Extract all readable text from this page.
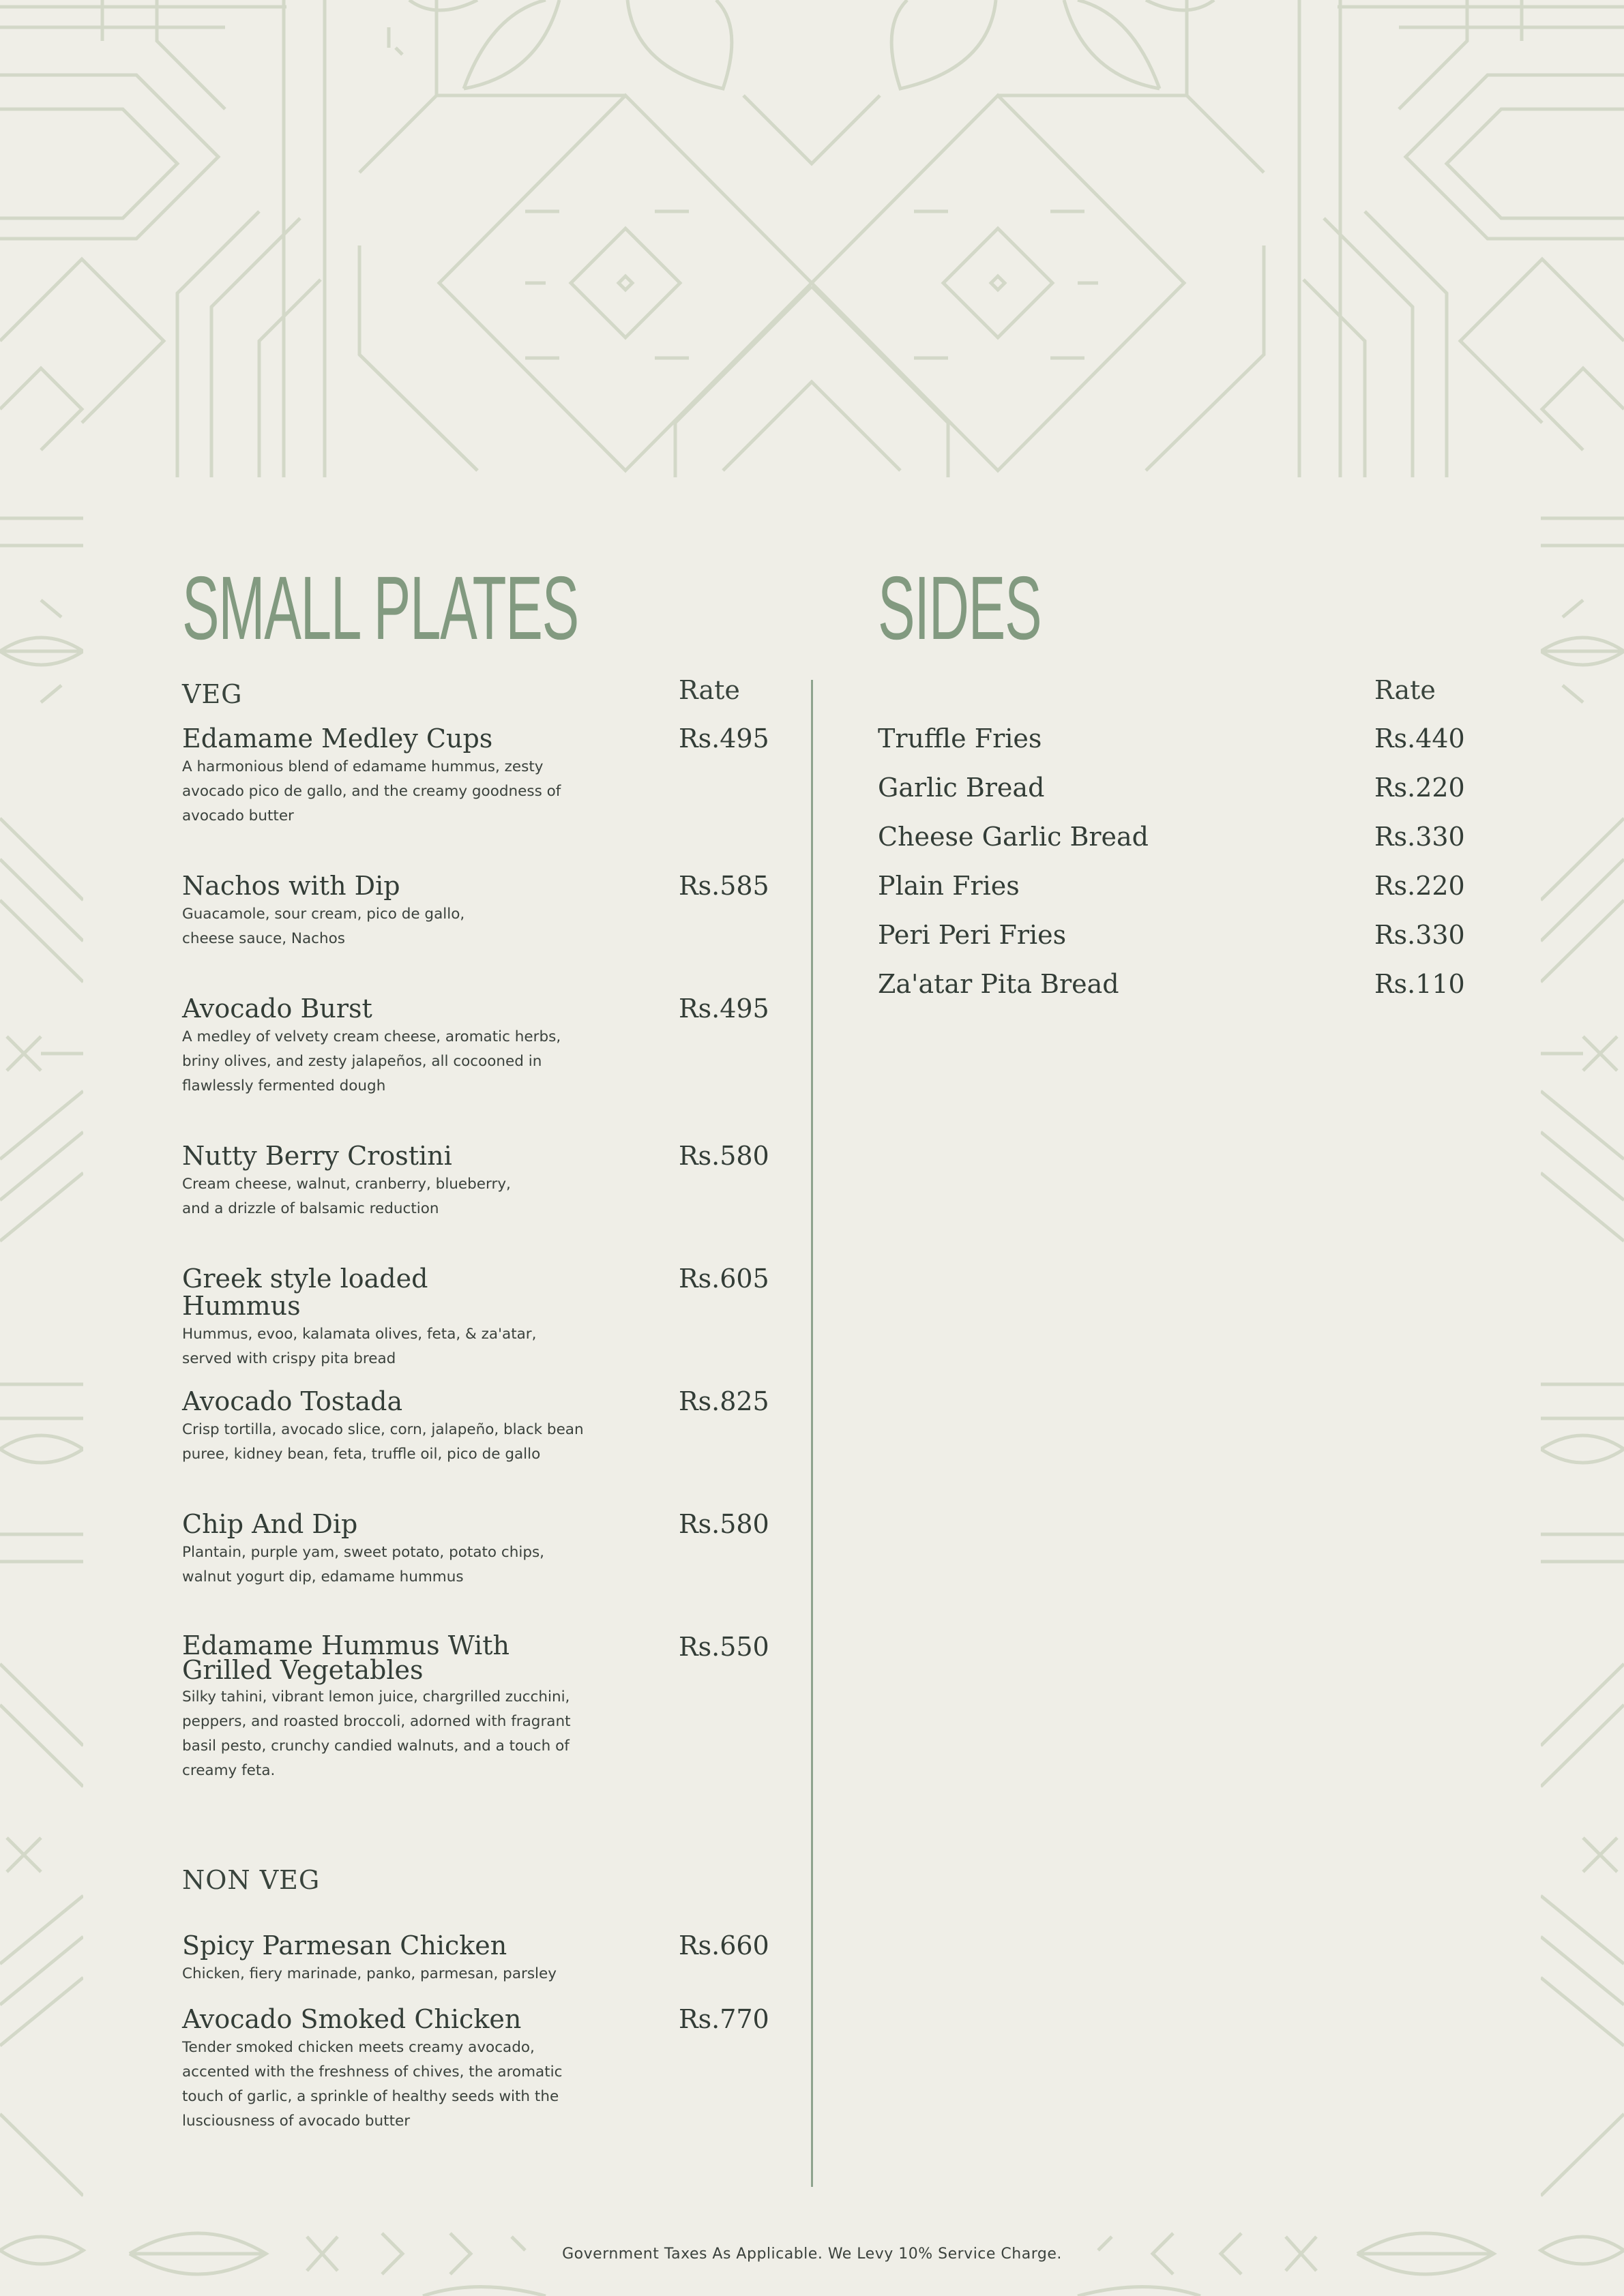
SMALL PLATES	SIDES
VEG	Rate	Rate
Edamame Medley Cups
A harmonious blend of edamame hummus, zesty
avocado pico de gallo, and the creamy goodness of
avocado butter
Rs.495
Nachos with Dip
Guacamole, sour cream, pico de gallo,
cheese sauce, Nachos
Rs.585
Avocado Burst
A medley of velvety cream cheese, aromatic herbs,
briny olives, and zesty jalapeños, all cocooned in
flawlessly fermented dough
Rs.495
Nutty Berry Crostini
Cream cheese, walnut, cranberry, blueberry,
and a drizzle of balsamic reduction
Rs.580
Greek style loaded Hummus
Hummus, evoo, kalamata olives, feta, & za'atar,
served with crispy pita bread
Rs.605
Avocado Tostada
Crisp tortilla, avocado slice, corn, jalapeño, black bean
puree, kidney bean, feta, truffle oil, pico de gallo
Rs.825
Chip And Dip
Plantain, purple yam, sweet potato, potato chips,
walnut yogurt dip, edamame hummus
Rs.580
Edamame Hummus With
Grilled Vegetables
Silky tahini, vibrant lemon juice, chargrilled zucchini,
peppers, and roasted broccoli, adorned with fragrant
basil pesto, crunchy candied walnuts, and a touch of
creamy feta.
Rs.550
NON VEG
Spicy Parmesan Chicken
Chicken, fiery marinade, panko, parmesan, parsley
Rs.660
Avocado Smoked Chicken
Tender smoked chicken meets creamy avocado,
accented with the freshness of chives, the aromatic
touch of garlic, a sprinkle of healthy seeds with the
lusciousness of avocado butter
Rs.770
Truffle Fries	Rs.440
Garlic Bread	Rs.220
Cheese Garlic Bread	Rs.330
Plain Fries	Rs.220
Peri Peri Fries	Rs.330
Za'atar Pita Bread	Rs.110
Government Taxes As Applicable. We Levy 10% Service Charge.
